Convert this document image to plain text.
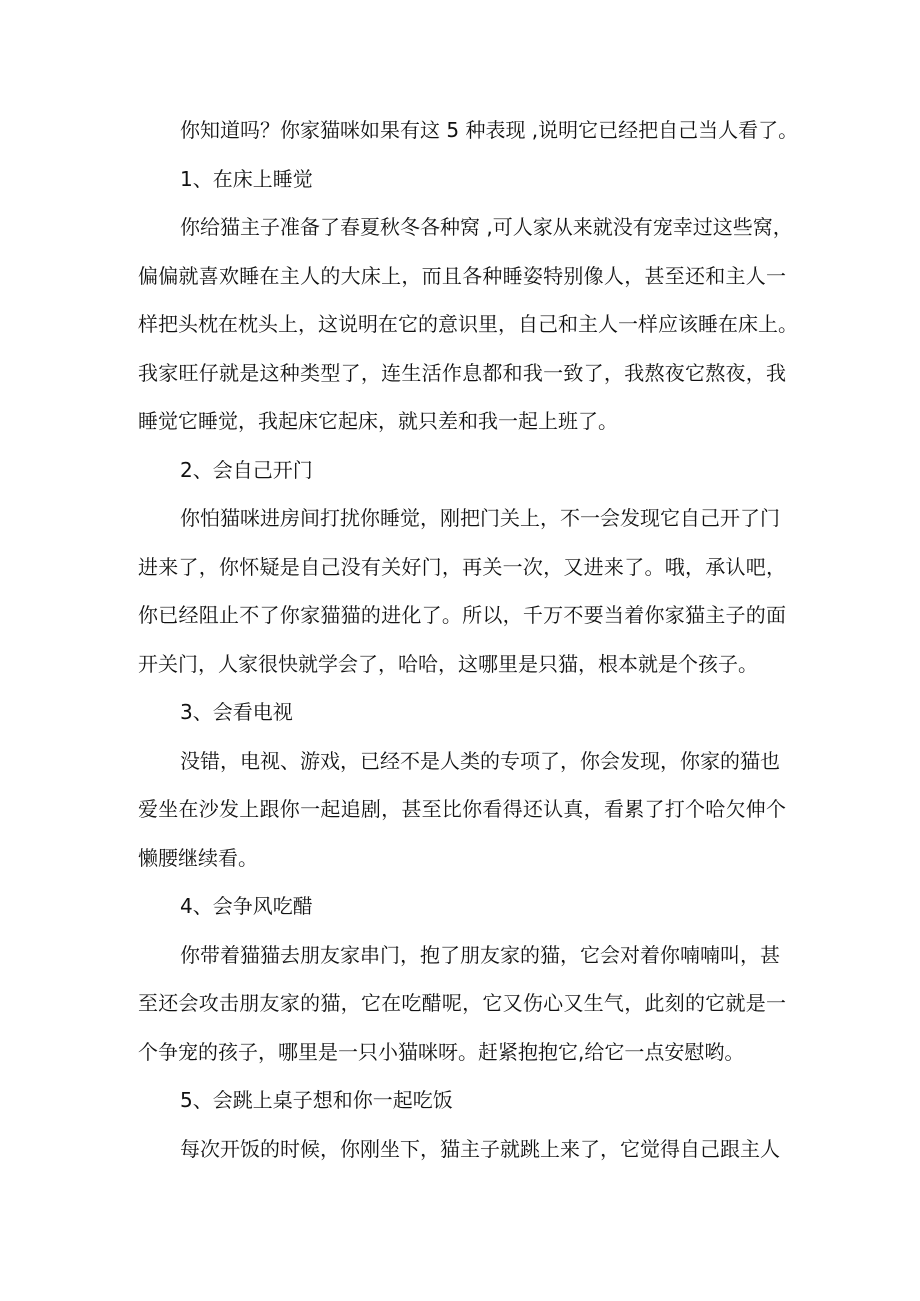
你知道吗？你家猫咪如果有这 5 种表现 ,说明它已经把自己当人看了。
1、在床上睡觉
你给猫主子准备了春夏秋冬各种窝 ,可人家从来就没有宠幸过这些窝，
偏偏就喜欢睡在主人的大床上，而且各种睡姿特别像人，甚至还和主人一
样把头枕在枕头上，这说明在它的意识里，自己和主人一样应该睡在床上。
我家旺仔就是这种类型了，连生活作息都和我一致了，我熬夜它熬夜，我
睡觉它睡觉，我起床它起床，就只差和我一起上班了。
2、会自己开门
你怕猫咪进房间打扰你睡觉，刚把门关上，不一会发现它自己开了门
进来了，你怀疑是自己没有关好门，再关一次，又进来了。哦，承认吧，
你已经阻止不了你家猫猫的进化了。所以，千万不要当着你家猫主子的面
开关门，人家很快就学会了，哈哈，这哪里是只猫，根本就是个孩子。
3、会看电视
没错，电视、游戏，已经不是人类的专项了，你会发现，你家的猫也
爱坐在沙发上跟你一起追剧，甚至比你看得还认真，看累了打个哈欠伸个
懒腰继续看。
4、会争风吃醋
你带着猫猫去朋友家串门，抱了朋友家的猫，它会对着你喃喃叫，甚
至还会攻击朋友家的猫，它在吃醋呢，它又伤心又生气，此刻的它就是一
个争宠的孩子，哪里是一只小猫咪呀。赶紧抱抱它,给它一点安慰哟。
5、会跳上桌子想和你一起吃饭
每次开饭的时候，你刚坐下，猫主子就跳上来了，它觉得自己跟主人
